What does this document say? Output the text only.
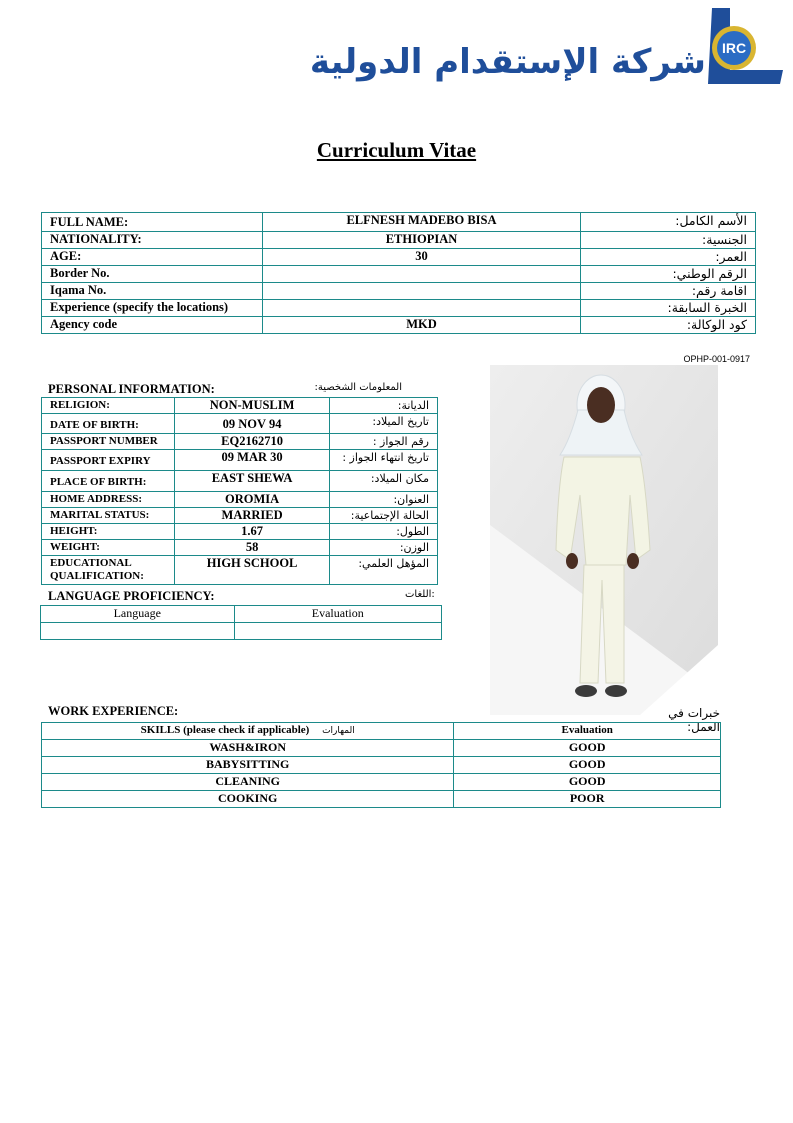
شركة الإستقدام الدولية IRC
Curriculum Vitae
FULL NAME:	ELFNESH MADEBO BISA	الأسم الكامل:
NATIONALITY:	ETHIOPIAN	الجنسية:
AGE:	30	العمر:
Border No.		الرقم الوطني:
Iqama No.		اقامة رقم:
Experience (specify the locations)		الخبرة السابقة:
Agency code	MKD	كود الوكالة:
OPHP-001-0917
PERSONAL INFORMATION:	المعلومات الشخصية:
RELIGION:	NON-MUSLIM	الديانة:
DATE OF BIRTH:	09 NOV 94	تاريخ الميلاد:
PASSPORT NUMBER	EQ2162710	رقم الجواز :
PASSPORT EXPIRY	09 MAR 30	تاريخ انتهاء الجواز :
PLACE OF BIRTH:	EAST SHEWA	مكان الميلاد:
HOME ADDRESS:	OROMIA	العنوان:
MARITAL STATUS:	MARRIED	الحالة الإجتماعية:
HEIGHT:	1.67	الطول:
WEIGHT:	58	الوزن:
EDUCATIONAL QUALIFICATION:	HIGH SCHOOL	المؤهل العلمي:
LANGUAGE PROFICIENCY:	اللغات:
Language	Evaluation

WORK EXPERIENCE:	خبرات في العمل:
SKILLS (please check if applicable) المهارات	Evaluation
WASH&IRON	GOOD
BABYSITTING	GOOD
CLEANING	GOOD
COOKING	POOR
